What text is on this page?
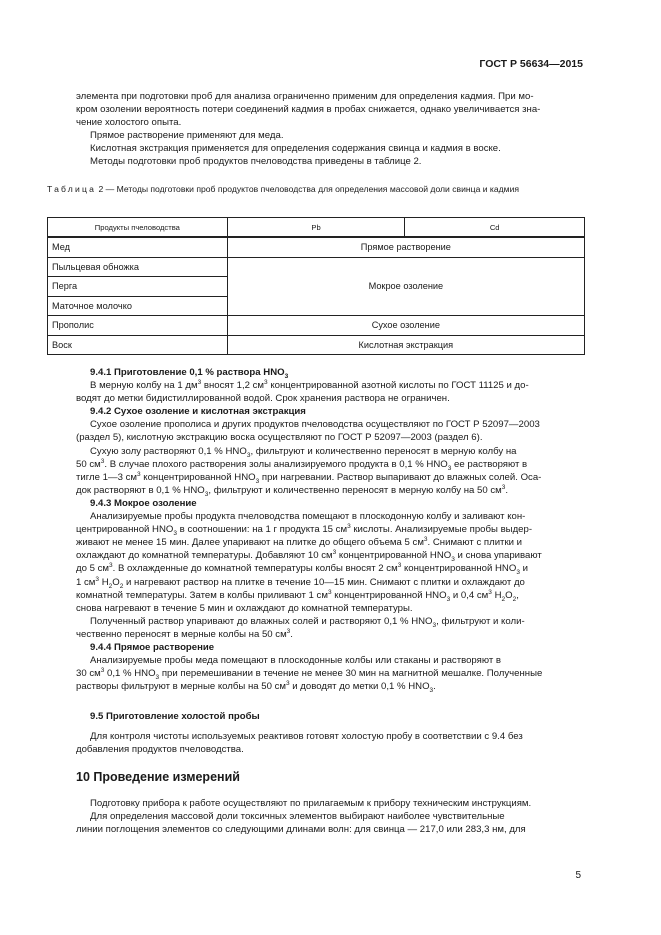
ГОСТ Р 56634—2015

элемента при подготовки проб для анализа ограниченно применим для определения кадмия. При мо-

кром озолении вероятность потери соединений кадмия в пробах снижается, однако увеличивается зна-

чение холостого опыта.

Прямое растворение применяют для меда.

Кислотная экстракция применяется для определения содержания свинца и кадмия в воске.

Методы подготовки проб продуктов пчеловодства приведены в таблице 2.

Таблица 2 — Методы подготовки проб продуктов пчеловодства для определения массовой доли свинца и кадмия
Продукты пчеловодства	Pb	Cd
Мед	Прямое растворение	
Пыльцевая обножка	Мокрое озоление	
Перга		
Маточное молочко		
Прополис	Сухое озоление	
Воск	Кислотная экстракция	

9.4.1 Приготовление 0,1 % раствора $HNO_3$

В мерную колбу на 1 $дм^3$ вносят 1,2 $см^3$ концентрированной азотной кислоты по ГОСТ 11125 и до-

водят до метки бидистиллированной водой. Срок хранения раствора не ограничен.

9.4.2 Сухое озоление и кислотная экстракция

Сухое озоление прополиса и других продуктов пчеловодства осуществляют по ГОСТ Р 52097—2003

(раздел 5), кислотную экстракцию воска осуществляют по ГОСТ Р 52097—2003 (раздел 6).

Сухую золу растворяют 0,1 % $HNO_3$, фильтруют и количественно переносят в мерную колбу на

50 $см^3$. В случае плохого растворения золы анализируемого продукта в 0,1 % $HNO_3$ ее растворяют в

тигле 1—3 $см^3$ концентрированной $HNO_3$ при нагревании. Раствор выпаривают до влажных солей. Оса-

док растворяют в 0,1 % $HNO_3$, фильтруют и количественно переносят в мерную колбу на 50 $см^3$.

9.4.3 Мокрое озоление

Анализируемые пробы продукта пчеловодства помещают в плоскодонную колбу и заливают кон-

центрированной $HNO_3$ в соотношении: на 1 г продукта 15 $см^3$ кислоты. Анализируемые пробы выдер-

живают не менее 15 мин. Далее упаривают на плитке до общего объема 5 $см^3$. Снимают с плитки и

охлаждают до комнатной температуры. Добавляют 10 $см^3$ концентрированной $HNO_3$ и снова упаривают

до 5 $см^3$. В охлажденные до комнатной температуры колбы вносят 2 $см^3$ концентрированной $HNO_3$ и

1 $см^3$ $H_2O_2$ и нагревают раствор на плитке в течение 10—15 мин. Снимают с плитки и охлаждают до

комнатной температуры. Затем в колбы приливают 1 $см^3$ концентрированной $HNO_3$ и 0,4 $см^3$ $H_2O_2$,

снова нагревают в течение 5 мин и охлаждают до комнатной температуры.

Полученный раствор упаривают до влажных солей и растворяют 0,1 % $HNO_3$, фильтруют и коли-

чественно переносят в мерные колбы на 50 $см^3$.

9.4.4 Прямое растворение

Анализируемые пробы меда помещают в плоскодонные колбы или стаканы и растворяют в

30 $см^3$ 0,1 % $HNO_3$ при перемешивании в течение не менее 30 мин на магнитной мешалке. Полученные

растворы фильтруют в мерные колбы на 50 $см^3$ и доводят до метки 0,1 % $HNO_3$.

9.5 Приготовление холостой пробы

Для контроля чистоты используемых реактивов готовят холостую пробу в соответствии с 9.4 без

добавления продуктов пчеловодства.

10 Проведение измерений

Подготовку прибора к работе осуществляют по прилагаемым к прибору техническим инструкциям.

Для определения массовой доли токсичных элементов выбирают наиболее чувствительные

линии поглощения элементов со следующими длинами волн: для свинца — 217,0 или 283,3 нм, для

5
